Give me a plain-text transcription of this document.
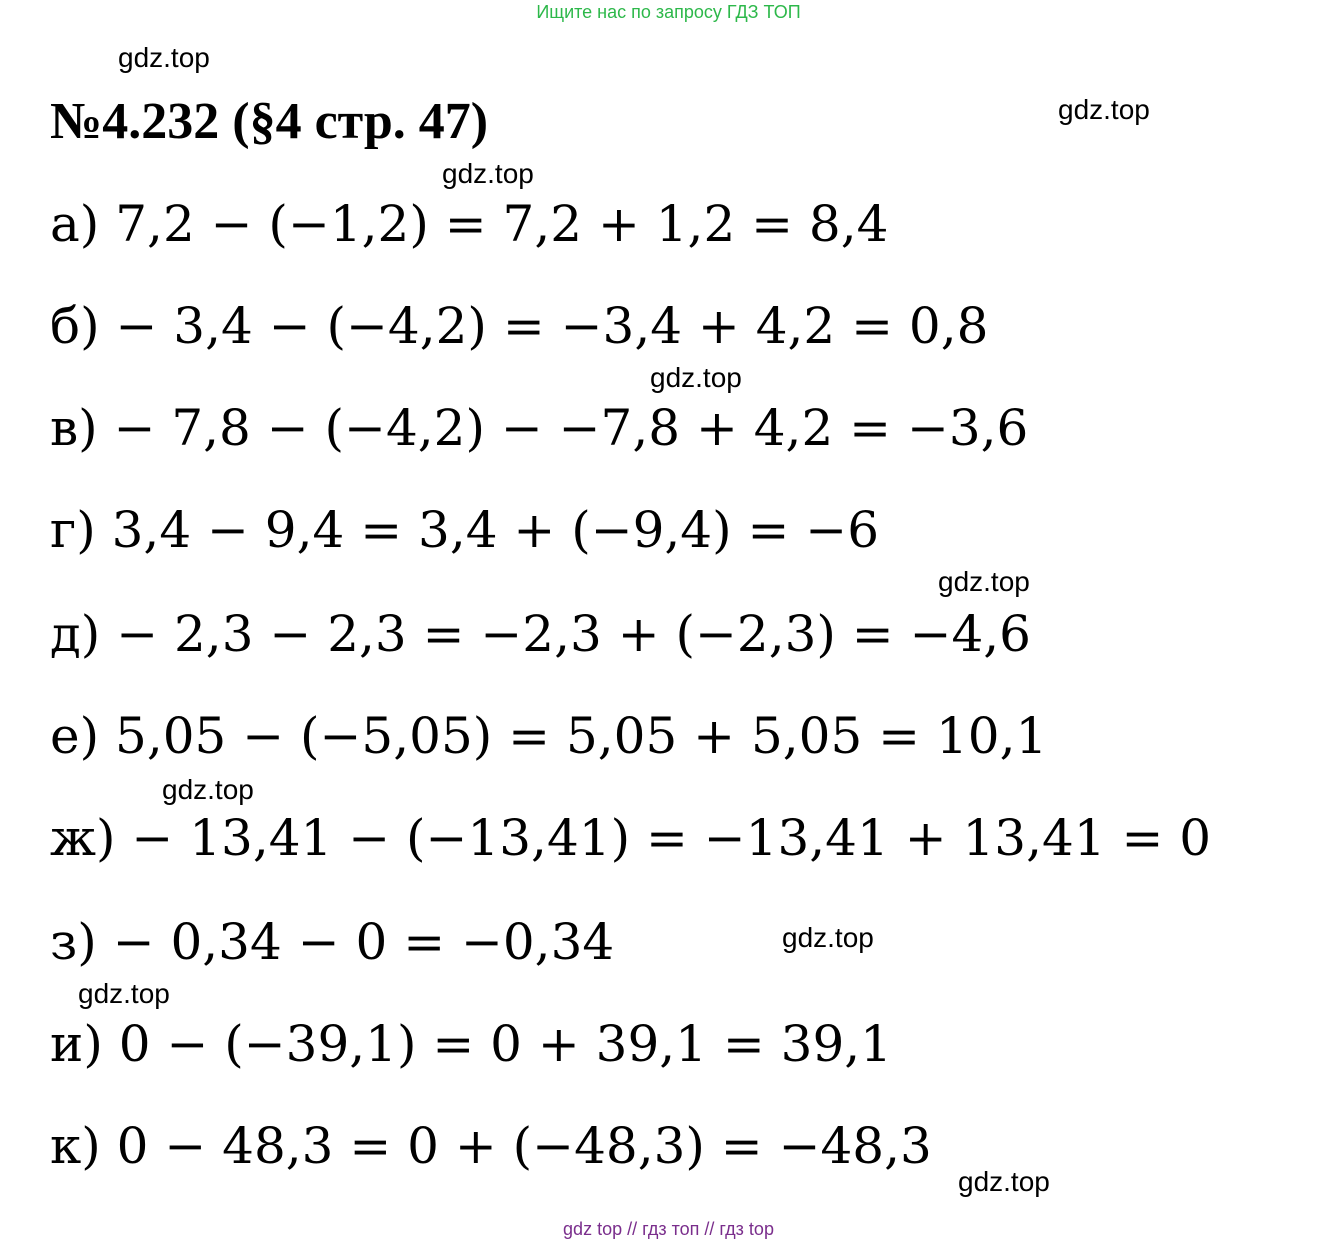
Ищите нас по запросу ГДЗ ТОП
gdz.top
№4.232 (§4 стр. 47)	gdz.top
gdz.top
а) 7,2 − (−1,2) = 7,2 + 1,2 = 8,4
б) − 3,4 − (−4,2) = −3,4 + 4,2 = 0,8
gdz.top
в) − 7,8 − (−4,2) − −7,8 + 4,2 = −3,6
г) 3,4 − 9,4 = 3,4 + (−9,4) = −6
gdz.top
д) − 2,3 − 2,3 = −2,3 + (−2,3) = −4,6
е) 5,05 − (−5,05) = 5,05 + 5,05 = 10,1
gdz.top
ж) − 13,41 − (−13,41) = −13,41 + 13,41 = 0
з) − 0,34 − 0 = −0,34	gdz.top
gdz.top
и) 0 − (−39,1) = 0 + 39,1 = 39,1
к) 0 − 48,3 = 0 + (−48,3) = −48,3
gdz.top
gdz top // гдз топ // гдз top
